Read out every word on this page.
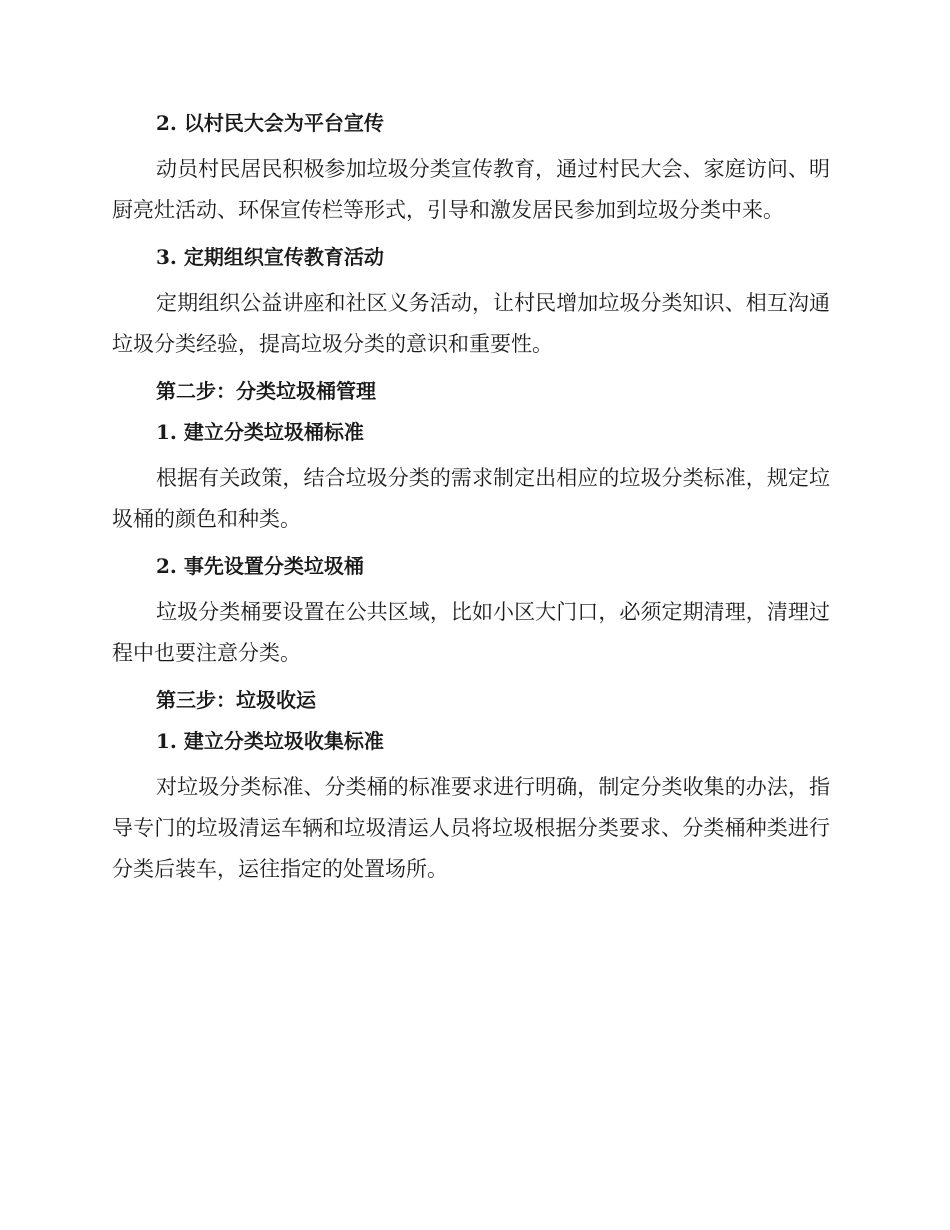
2. 以村民大会为平台宣传

动员村民居民积极参加垃圾分类宣传教育，通过村民大会、家庭访问、明厨亮灶活动、环保宣传栏等形式，引导和激发居民参加到垃圾分类中来。

3. 定期组织宣传教育活动

定期组织公益讲座和社区义务活动，让村民增加垃圾分类知识、相互沟通垃圾分类经验，提高垃圾分类的意识和重要性。

第二步：分类垃圾桶管理
1. 建立分类垃圾桶标准

根据有关政策，结合垃圾分类的需求制定出相应的垃圾分类标准，规定垃圾桶的颜色和种类。

2. 事先设置分类垃圾桶

垃圾分类桶要设置在公共区域，比如小区大门口，必须定期清理，清理过程中也要注意分类。

第三步：垃圾收运
1. 建立分类垃圾收集标准

对垃圾分类标准、分类桶的标准要求进行明确，制定分类收集的办法，指导专门的垃圾清运车辆和垃圾清运人员将垃圾根据分类要求、分类桶种类进行分类后装车，运往指定的处置场所。
